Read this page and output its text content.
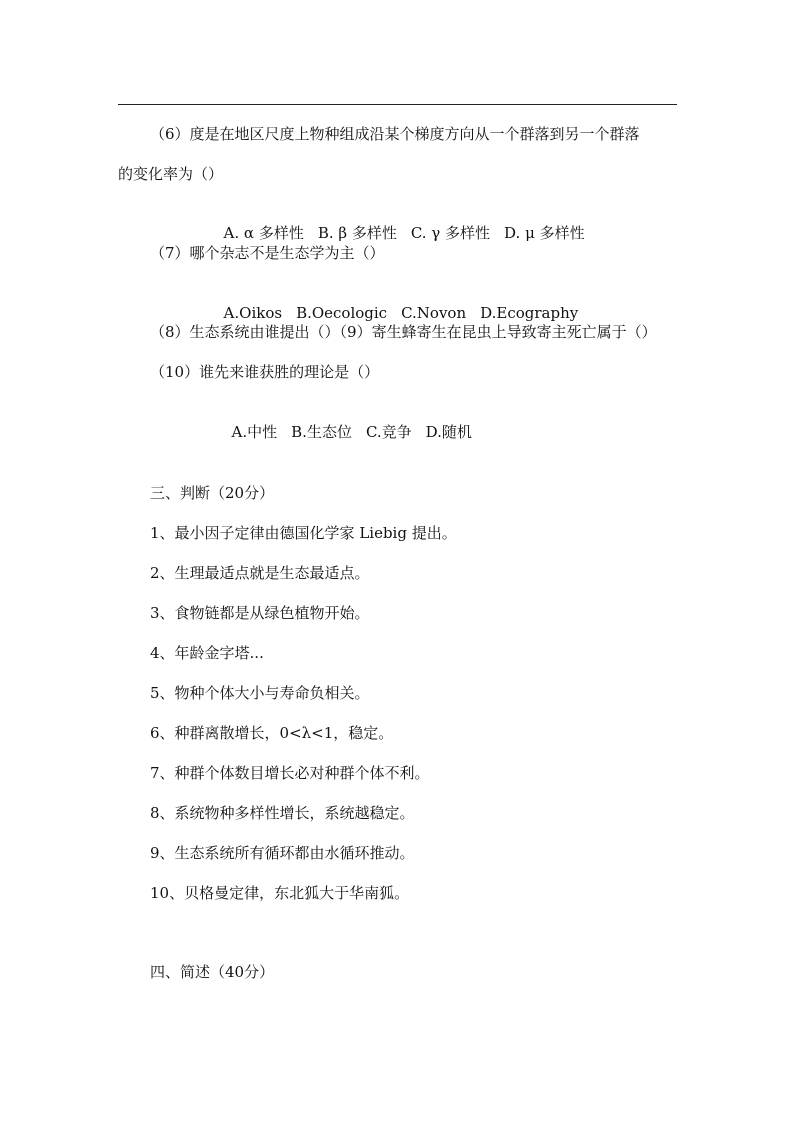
（6）度是在地区尺度上物种组成沿某个梯度方向从一个群落到另一个群落
的变化率为（）

A. α 多样性 B. β 多样性 C. γ 多样性 D. μ 多样性

（7）哪个杂志不是生态学为主（）

A.Oikos B.Oecologic C.Novon D.Ecography

（8）生态系统由谁提出（）（9）寄生蜂寄生在昆虫上导致寄主死亡属于（）
（10）谁先来谁获胜的理论是（）

A.中性 B.生态位 C.竞争 D.随机

三、判断（20分）
1、最小因子定律由德国化学家 Liebig 提出。
2、生理最适点就是生态最适点。
3、食物链都是从绿色植物开始。
4、年龄金字塔...
5、物种个体大小与寿命负相关。
6、种群离散增长，0<λ<1，稳定。
7、种群个体数目增长必对种群个体不利。
8、系统物种多样性增长，系统越稳定。
9、生态系统所有循环都由水循环推动。
10、贝格曼定律，东北狐大于华南狐。
四、简述（40分）
